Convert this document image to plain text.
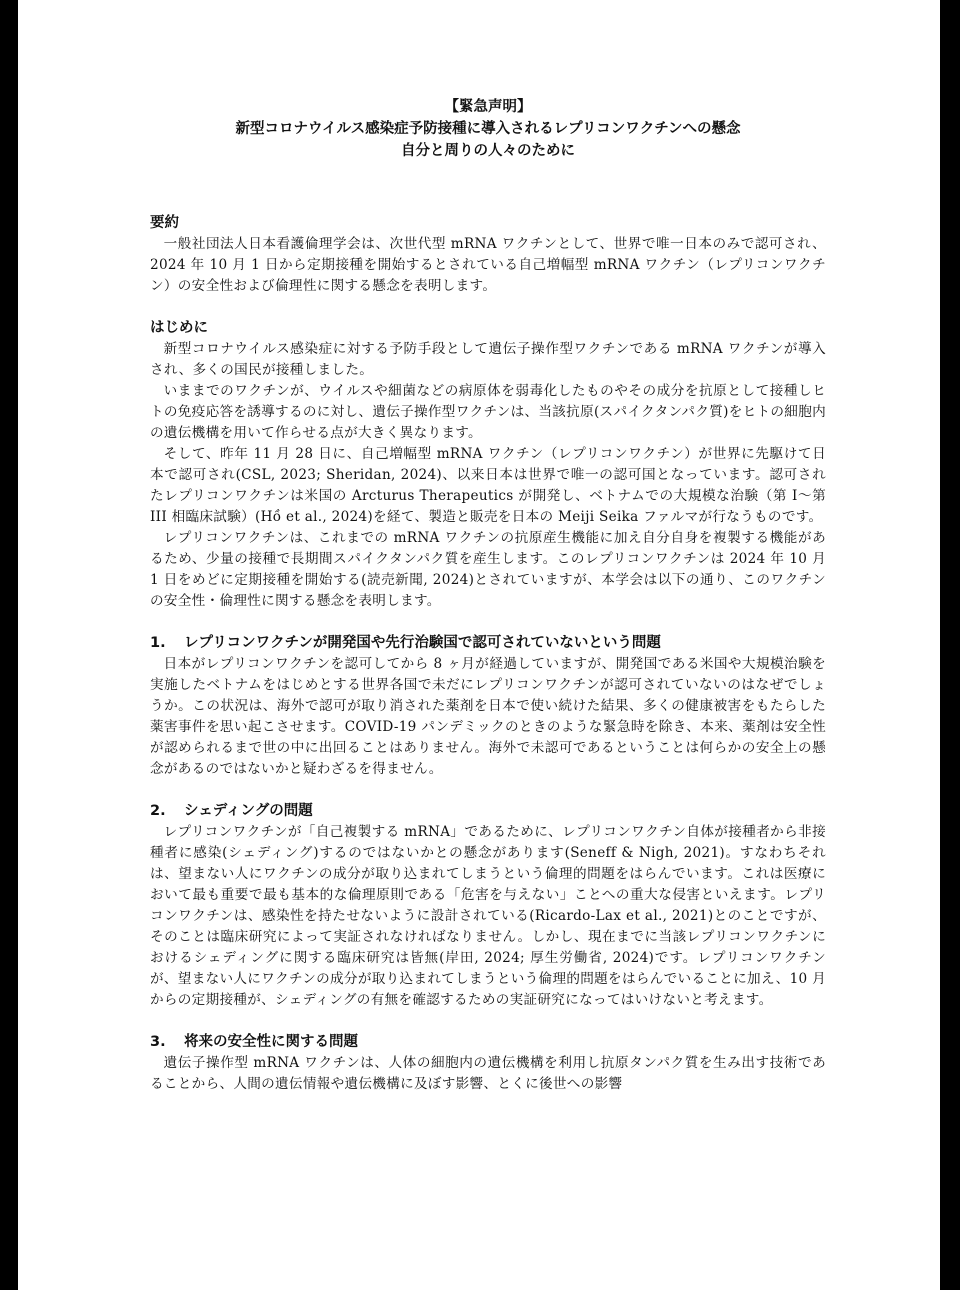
【緊急声明】
新型コロナウイルス感染症予防接種に導入されるレプリコンワクチンへの懸念
自分と周りの人々のために

要約

一般社団法人日本看護倫理学会は、次世代型 mRNA ワクチンとして、世界で唯一日本のみで認可され、2024 年 10 月 1 日から定期接種を開始するとされている自己増幅型 mRNA ワクチン（レプリコンワクチン）の安全性および倫理性に関する懸念を表明します。

はじめに

新型コロナウイルス感染症に対する予防手段として遺伝子操作型ワクチンである mRNA ワクチンが導入され、多くの国民が接種しました。

いままでのワクチンが、ウイルスや細菌などの病原体を弱毒化したものやその成分を抗原として接種しヒトの免疫応答を誘導するのに対し、遺伝子操作型ワクチンは、当該抗原(スパイクタンパク質)をヒトの細胞内の遺伝機構を用いて作らせる点が大きく異なります。

そして、昨年 11 月 28 日に、自己増幅型 mRNA ワクチン（レプリコンワクチン）が世界に先駆けて日本で認可され(CSL, 2023; Sheridan, 2024)、以来日本は世界で唯一の認可国となっています。認可されたレプリコンワクチンは米国の Arcturus Therapeutics が開発し、ベトナムでの大規模な治験（第 I〜第 III 相臨床試験）(Hồ et al., 2024)を経て、製造と販売を日本の Meiji Seika ファルマが行なうものです。

レプリコンワクチンは、これまでの mRNA ワクチンの抗原産生機能に加え自分自身を複製する機能があるため、少量の接種で長期間スパイクタンパク質を産生します。このレプリコンワクチンは 2024 年 10 月 1 日をめどに定期接種を開始する(読売新聞, 2024)とされていますが、本学会は以下の通り、このワクチンの安全性・倫理性に関する懸念を表明します。

1. レプリコンワクチンが開発国や先行治験国で認可されていないという問題

日本がレプリコンワクチンを認可してから 8 ヶ月が経過していますが、開発国である米国や大規模治験を実施したベトナムをはじめとする世界各国で未だにレプリコンワクチンが認可されていないのはなぜでしょうか。この状況は、海外で認可が取り消された薬剤を日本で使い続けた結果、多くの健康被害をもたらした薬害事件を思い起こさせます。COVID-19 パンデミックのときのような緊急時を除き、本来、薬剤は安全性が認められるまで世の中に出回ることはありません。海外で未認可であるということは何らかの安全上の懸念があるのではないかと疑わざるを得ません。

2. シェディングの問題

レプリコンワクチンが「自己複製する mRNA」であるために、レプリコンワクチン自体が接種者から非接種者に感染(シェディング)するのではないかとの懸念があります(Seneff & Nigh, 2021)。すなわちそれは、望まない人にワクチンの成分が取り込まれてしまうという倫理的問題をはらんでいます。これは医療において最も重要で最も基本的な倫理原則である「危害を与えない」ことへの重大な侵害といえます。レプリコンワクチンは、感染性を持たせないように設計されている(Ricardo-Lax et al., 2021)とのことですが、そのことは臨床研究によって実証されなければなりません。しかし、現在までに当該レプリコンワクチンにおけるシェディングに関する臨床研究は皆無(岸田, 2024; 厚生労働省, 2024)です。レプリコンワクチンが、望まない人にワクチンの成分が取り込まれてしまうという倫理的問題をはらんでいることに加え、10 月からの定期接種が、シェディングの有無を確認するための実証研究になってはいけないと考えます。

3. 将来の安全性に関する問題

遺伝子操作型 mRNA ワクチンは、人体の細胞内の遺伝機構を利用し抗原タンパク質を生み出す技術であることから、人間の遺伝情報や遺伝機構に及ぼす影響、とくに後世への影響
